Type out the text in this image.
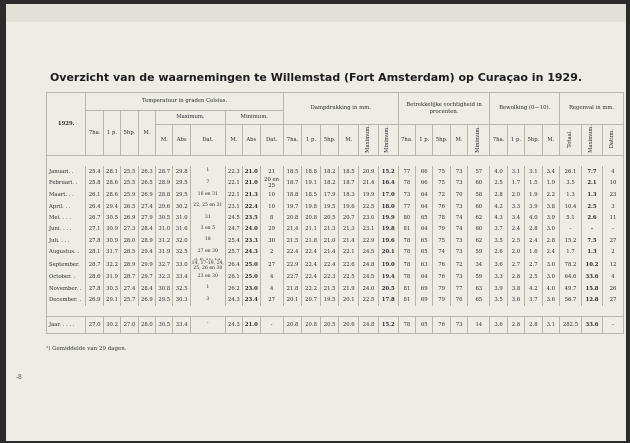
Overzicht van de waarnemingen te Willemstad (Fort Amsterdam) op Curaçao in 1929.
1929.	Temperatuur in graden Celsius.										Dampdrukking in mm.						Betrekkelijke vochtigheid in procenten.					Bewolking (0—10).				Regenval in mm.		
	7ha.	1 p.	5hp.	M.	Maximum.			Minimum.																				
					M.	Abs	Dat.	M.	Abs	Dat.	7ha.	1 p.	5hp.	M.	Maximum.	Minimum.	7ha.	1 p.	5hp.	M.	Minimum.	7ha.	1 p.	5hp.	M.	Totaal.	Maximum.	Datum.

Januari. .	25.4	28.1	25.5	26.3	28.7	29.8	1	22.3	21.0	21	18.5	18.8	18.2	18.5	20.9	15.2	77	66	75	73	57	4.0	3.1	3.1	3.4	26.1	7.7	4
Februari. .	25.8	28.6	25.5	26.5	28.9	29.5	7	22.1	21.0	20 en 25	18.7	19.1	18.2	18.7	21.4	16.4	78	66	75	73	60	2.5	1.7	1.5	1.9	3.5	2.1	10
Maart. . .	26.1	28.6	25.9	26.9	28.8	29.5	16 en 31	22.1	21.3	10	18.8	18.5	17.9	18.3	19.9	17.0	73	64	72	70	58	2.8	2.0	1.9	2.2	1.3	1.3	23
April. . .	26.4	29.4	26.5	27.4	29.6	30.2	22, 25 en 31	23.1	22.4	10	19.7	19.8	19.5	19.6	22.5	18.0	77	64	76	73	60	4.2	3.3	3.9	3.8	10.4	2.5	3
Mei. . . .	26.7	30.5	26.9	27.9	30.5	31.0	31	24.5	23.5	8	20.8	20.8	20.5	20.7	23.0	19.9	80	65	78	74	62	4.3	3.4	4.0	3.9	5.1	2.6	11
Juni. . . .	27.1	30.9	27.3	28.4	31.0	31.6	3 en 5	24.7	24.0	29	21.4	21.1	21.3	21.3	23.1	19.8	81	64	79	74	60	3.7	2.4	2.8	3.0	-	-	-
Juli. . . .	27.8	30.9	28.0	28.9	31.2	32.0	18	25.4	23.3	30	21.5	21.8	21.0	21.4	22.9	19.6	78	65	75	73	62	3.5	2.5	2.4	2.8	15.2	7.5	27
Augustus. .	28.1	31.7	28.5	29.4	31.9	32.5	27 en 30	25.7	24.3	2	22.4	22.4	21.4	22.1	24.5	20.1	78	65	74	73	59	2.6	2.0	1.6	2.4	1.7	1.3	2
September.	28.7	32.2	28.9	29.9	32.7	33.0	5, 6, 11, 13, 14, 17-19, 24, 25, 26 en 30	26.4	25.0	27	22.9	22.4	22.4	22.6	24.8	19.0	78	63	76	72	34	3.6	2.7	2.7	3.0	78.2	10.2	12
October. .	28.6	31.9	28.7	29.7	32.3	33.4	23 en 30	26.1	25.0	4	22.7	22.4	22.3	22.5	24.5	19.4	78	64	76	73	59	3.3	2.8	2.5	3.0	64.6	33.6	4
November. .	27.8	30.3	27.4	28.4	30.8	32.5	1	26.2	23.0	4	21.8	22.2	21.5	21.9	24.0	20.5	81	69	79	77	63	3.9	3.8	4.2	4.0	49.7	15.8	26
December. .	26.9	29.1	25.7	26.9	29.5	30.3	3	24.3	23.4	27	20.1	20.7	19.5	20.1	22.5	17.8	81	69	79	76	65	3.5	3.6	3.7	3.6	56.7	12.8	27

Jaar. . . . .	27.0	30.2	27.0	28.0	30.5	33.4	-	24.3	21.0	-	20.8	20.8	20.5	20.6	24.8	15.2	78	65	76	73	14	3.6	2.8	2.8	3.1	282.5	33.6	-
¹) Gemiddelde van 29 dagen.
-8
